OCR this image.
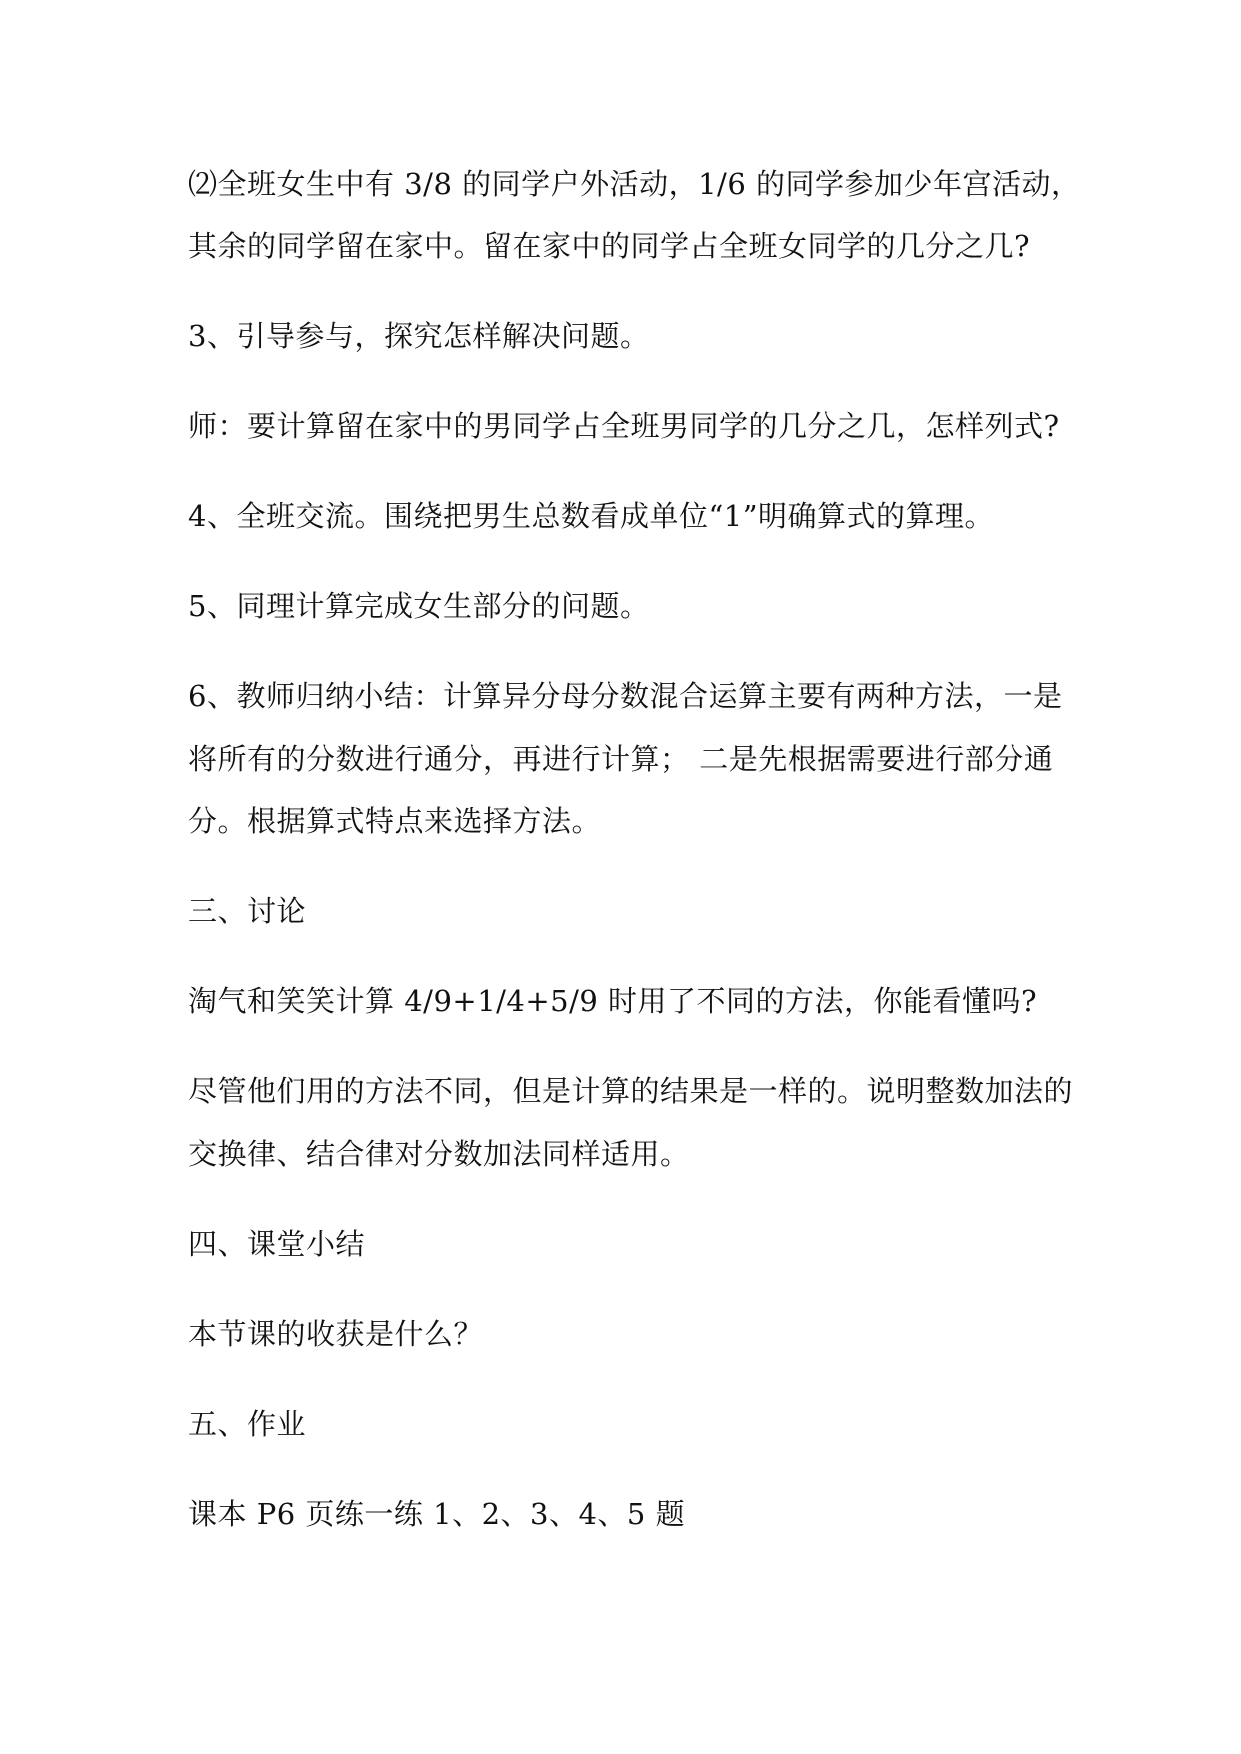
⑵全班女生中有 3/8 的同学户外活动，1/6 的同学参加少年宫活动，
其余的同学留在家中。留在家中的同学占全班女同学的几分之几?
3、引导参与，探究怎样解决问题。
师：要计算留在家中的男同学占全班男同学的几分之几，怎样列式?
4、全班交流。围绕把男生总数看成单位“1”明确算式的算理。
5、同理计算完成女生部分的问题。
6、教师归纳小结：计算异分母分数混合运算主要有两种方法，一是
将所有的分数进行通分，再进行计算； 二是先根据需要进行部分通
分。根据算式特点来选择方法。
三、讨论
淘气和笑笑计算 4/9+1/4+5/9 时用了不同的方法，你能看懂吗?
尽管他们用的方法不同，但是计算的结果是一样的。说明整数加法的
交换律、结合律对分数加法同样适用。
四、课堂小结
本节课的收获是什么？
五、作业
课本 P6 页练一练 1、2、3、4、5 题
